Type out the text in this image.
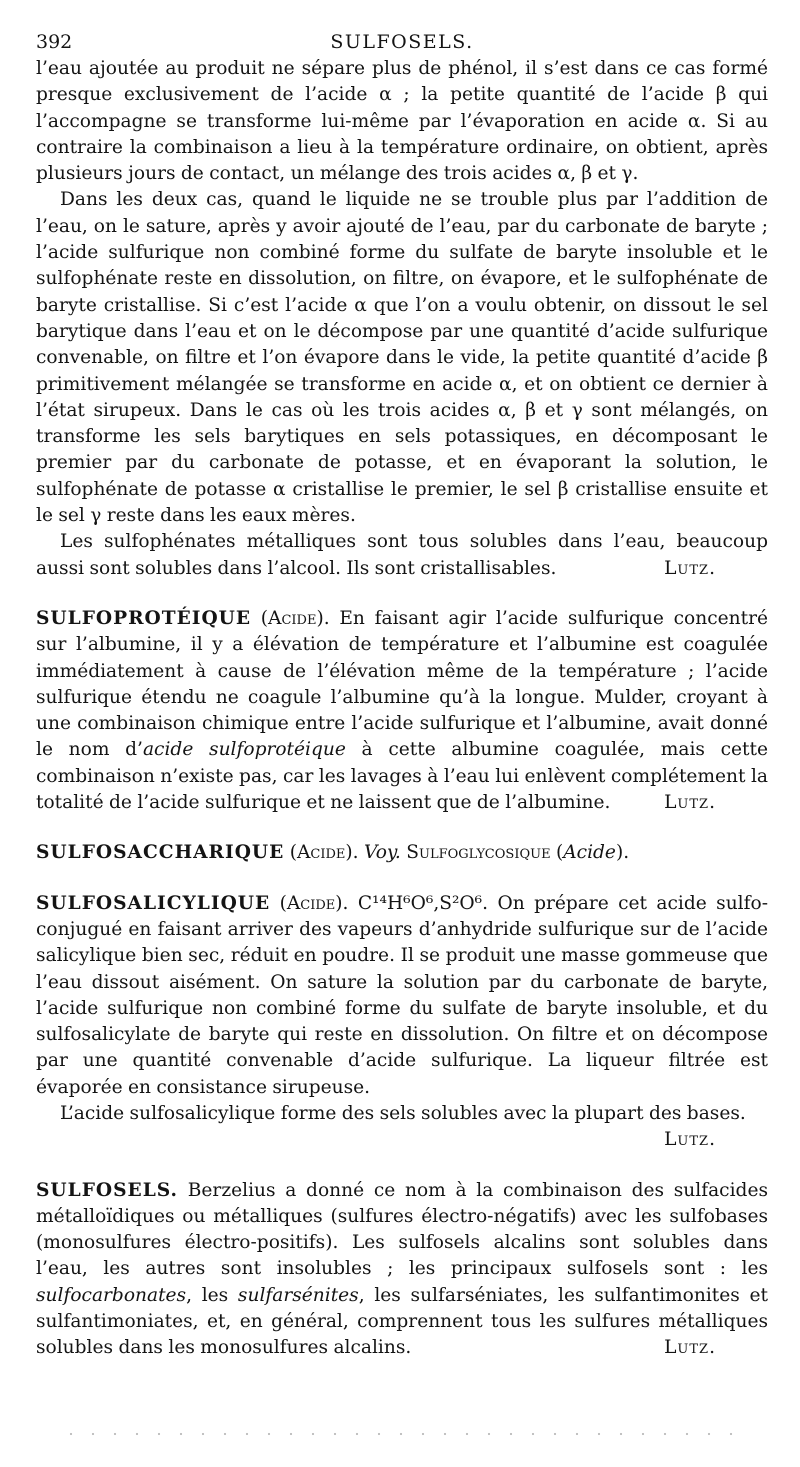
392	SULFOSELS.

l’eau ajoutée au produit ne sépare plus de phénol, il s’est dans ce cas formé presque exclusivement de l’acide α ; la petite quantité de l’acide β qui l’accompagne se transforme lui-même par l’évaporation en acide α. Si au contraire la combinaison a lieu à la température ordinaire, on obtient, après plusieurs jours de contact, un mélange des trois acides α, β et γ.

Dans les deux cas, quand le liquide ne se trouble plus par l’addition de l’eau, on le sature, après y avoir ajouté de l’eau, par du carbonate de baryte ; l’acide sulfurique non combiné forme du sulfate de baryte insoluble et le sulfophénate reste en dissolution, on filtre, on évapore, et le sulfophénate de baryte cristallise. Si c’est l’acide α que l’on a voulu obtenir, on dissout le sel barytique dans l’eau et on le décompose par une quantité d’acide sulfurique convenable, on filtre et l’on évapore dans le vide, la petite quantité d’acide β primitivement mélangée se transforme en acide α, et on obtient ce dernier à l’état sirupeux. Dans le cas où les trois acides α, β et γ sont mélangés, on transforme les sels barytiques en sels potassiques, en décomposant le premier par du carbonate de potasse, et en évaporant la solution, le sulfophénate de potasse α cristallise le premier, le sel β cristallise ensuite et le sel γ reste dans les eaux mères.

Les sulfophénates métalliques sont tous solubles dans l’eau, beaucoup aussi sont solubles dans l’alcool. Ils sont cristallisables.	Lutz.

SULFOPROTÉIQUE (Acide). En faisant agir l’acide sulfurique concentré sur l’albumine, il y a élévation de température et l’albumine est coagulée immédiatement à cause de l’élévation même de la température ; l’acide sulfurique étendu ne coagule l’albumine qu’à la longue. Mulder, croyant à une combinaison chimique entre l’acide sulfurique et l’albumine, avait donné le nom d’acide sulfoprotéique à cette albumine coagulée, mais cette combinaison n’existe pas, car les lavages à l’eau lui enlèvent complétement la totalité de l’acide sulfurique et ne laissent que de l’albumine.	Lutz.

SULFOSACCHARIQUE (Acide). Voy. Sulfoglycosique (Acide).

SULFOSALICYLIQUE (Acide). C¹⁴H⁶O⁶,S²O⁶. On prépare cet acide sulfo-conjugué en faisant arriver des vapeurs d’anhydride sulfurique sur de l’acide salicylique bien sec, réduit en poudre. Il se produit une masse gommeuse que l’eau dissout aisément. On sature la solution par du carbonate de baryte, l’acide sulfurique non combiné forme du sulfate de baryte insoluble, et du sulfosalicylate de baryte qui reste en dissolution. On filtre et on décompose par une quantité convenable d’acide sulfurique. La liqueur filtrée est évaporée en consistance sirupeuse.

L’acide sulfosalicylique forme des sels solubles avec la plupart des bases.

Lutz.

SULFOSELS. Berzelius a donné ce nom à la combinaison des sulfacides métalloïdiques ou métalliques (sulfures électro-négatifs) avec les sulfobases (monosulfures électro-positifs). Les sulfosels alcalins sont solubles dans l’eau, les autres sont insolubles ; les principaux sulfosels sont : les sulfocarbonates, les sulfarsénites, les sulfarséniates, les sulfantimonites et sulfantimoniates, et, en général, comprennent tous les sulfures métalliques solubles dans les monosulfures alcalins.	Lutz.
